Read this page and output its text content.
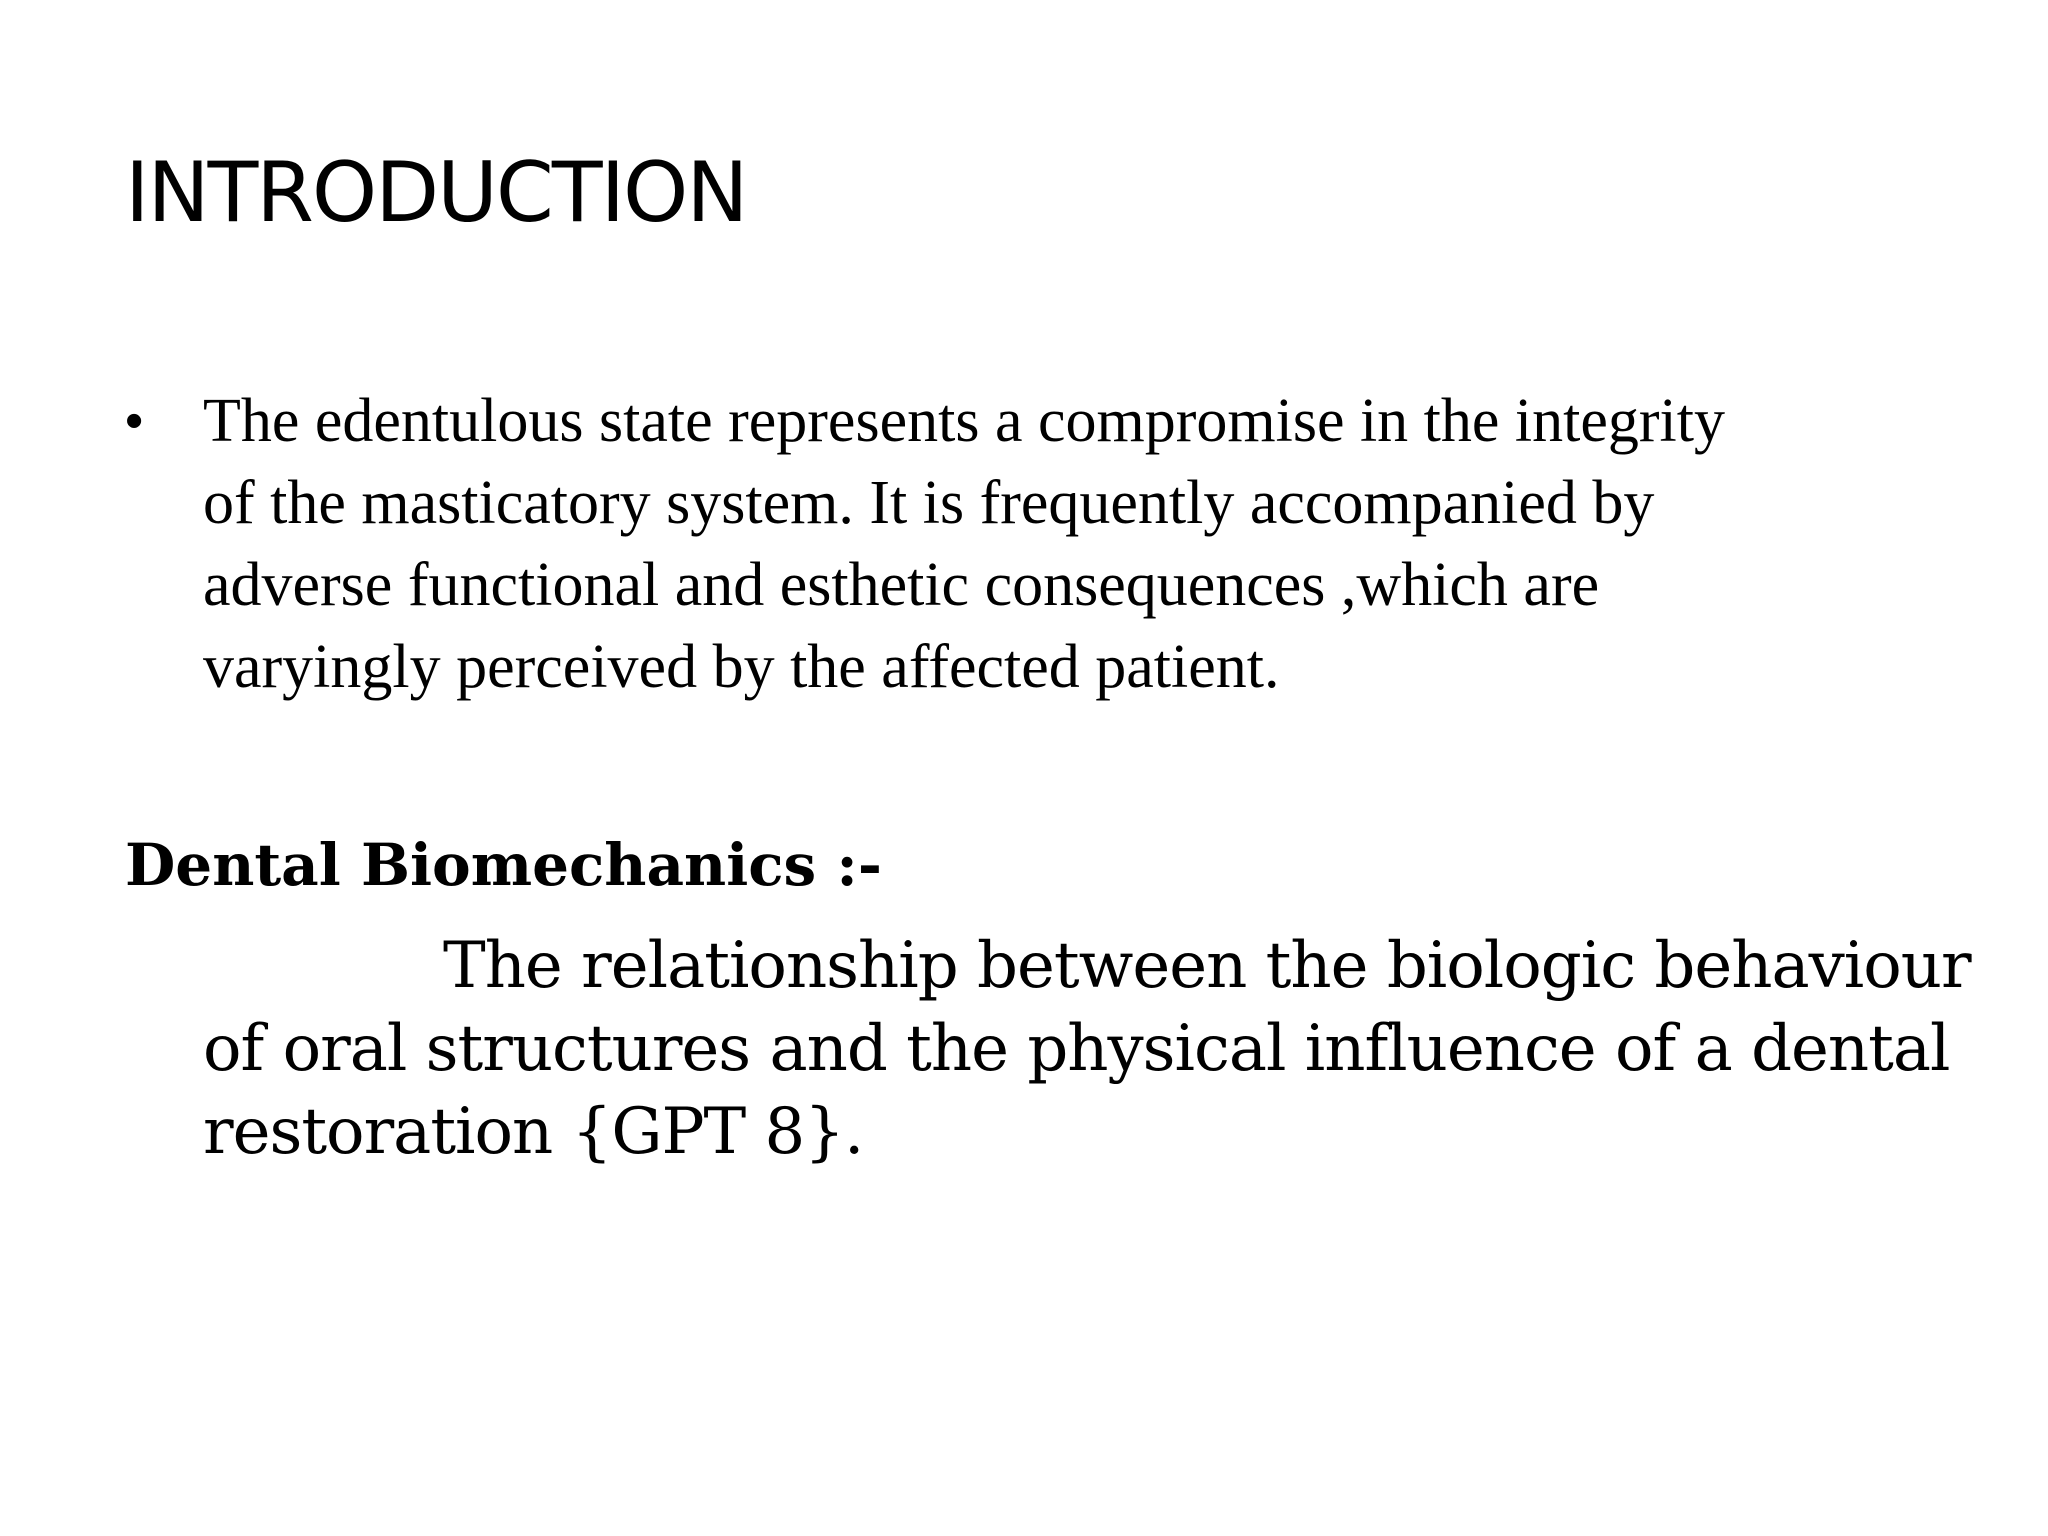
INTRODUCTION
• The edentulous state represents a compromise in the integrity
of the masticatory system. It is frequently accompanied by
adverse functional and esthetic consequences ,which are
varyingly perceived by the affected patient.
Dental Biomechanics :-
The relationship between the biologic behaviour
of oral structures and the physical influence of a dental
restoration {GPT 8}.
